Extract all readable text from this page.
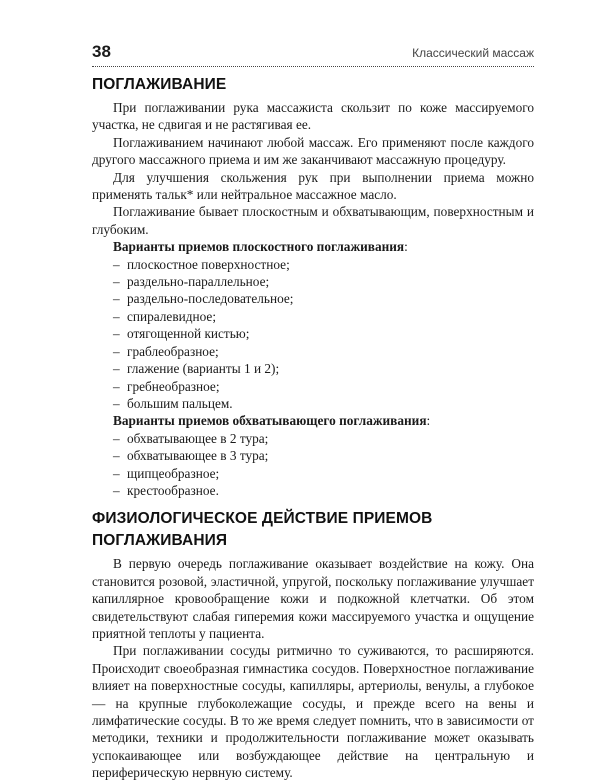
38	Классический массаж
ПОГЛАЖИВАНИЕ

При поглаживании рука массажиста скользит по коже массируемого участка, не сдвигая и не растягивая ее.

Поглаживанием начинают любой массаж. Его применяют после каждого другого массажного приема и им же заканчивают массажную процедуру.

Для улучшения скольжения рук при выполнении приема можно применять тальк* или нейтральное массажное масло.

Поглаживание бывает плоскостным и обхватывающим, поверхностным и глубоким.

Варианты приемов плоскостного поглаживания:
– плоскостное поверхностное;
– раздельно-параллельное;
– раздельно-последовательное;
– спиралевидное;
– отягощенной кистью;
– граблеобразное;
– глажение (варианты 1 и 2);
– гребнеобразное;
– большим пальцем.
Варианты приемов обхватывающего поглаживания:
– обхватывающее в 2 тура;
– обхватывающее в 3 тура;
– щипцеобразное;
– крестообразное.
ФИЗИОЛОГИЧЕСКОЕ ДЕЙСТВИЕ ПРИЕМОВ ПОГЛАЖИВАНИЯ

В первую очередь поглаживание оказывает воздействие на кожу. Она становится розовой, эластичной, упругой, поскольку поглаживание улучшает капиллярное кровообращение кожи и подкожной клетчатки. Об этом свидетельствуют слабая гиперемия кожи массируемого участка и ощущение приятной теплоты у пациента.

При поглаживании сосуды ритмично то суживаются, то расширяются. Происходит своеобразная гимнастика сосудов. Поверхностное поглаживание влияет на поверхностные сосуды, капилляры, артериолы, венулы, а глубокое — на крупные глубоколежащие сосуды, и прежде всего на вены и лимфатические сосуды. В то же время следует помнить, что в зависимости от методики, техники и продолжительности поглаживание может оказывать успокаивающее или возбуждающее действие на центральную и периферическую нервную систему.
